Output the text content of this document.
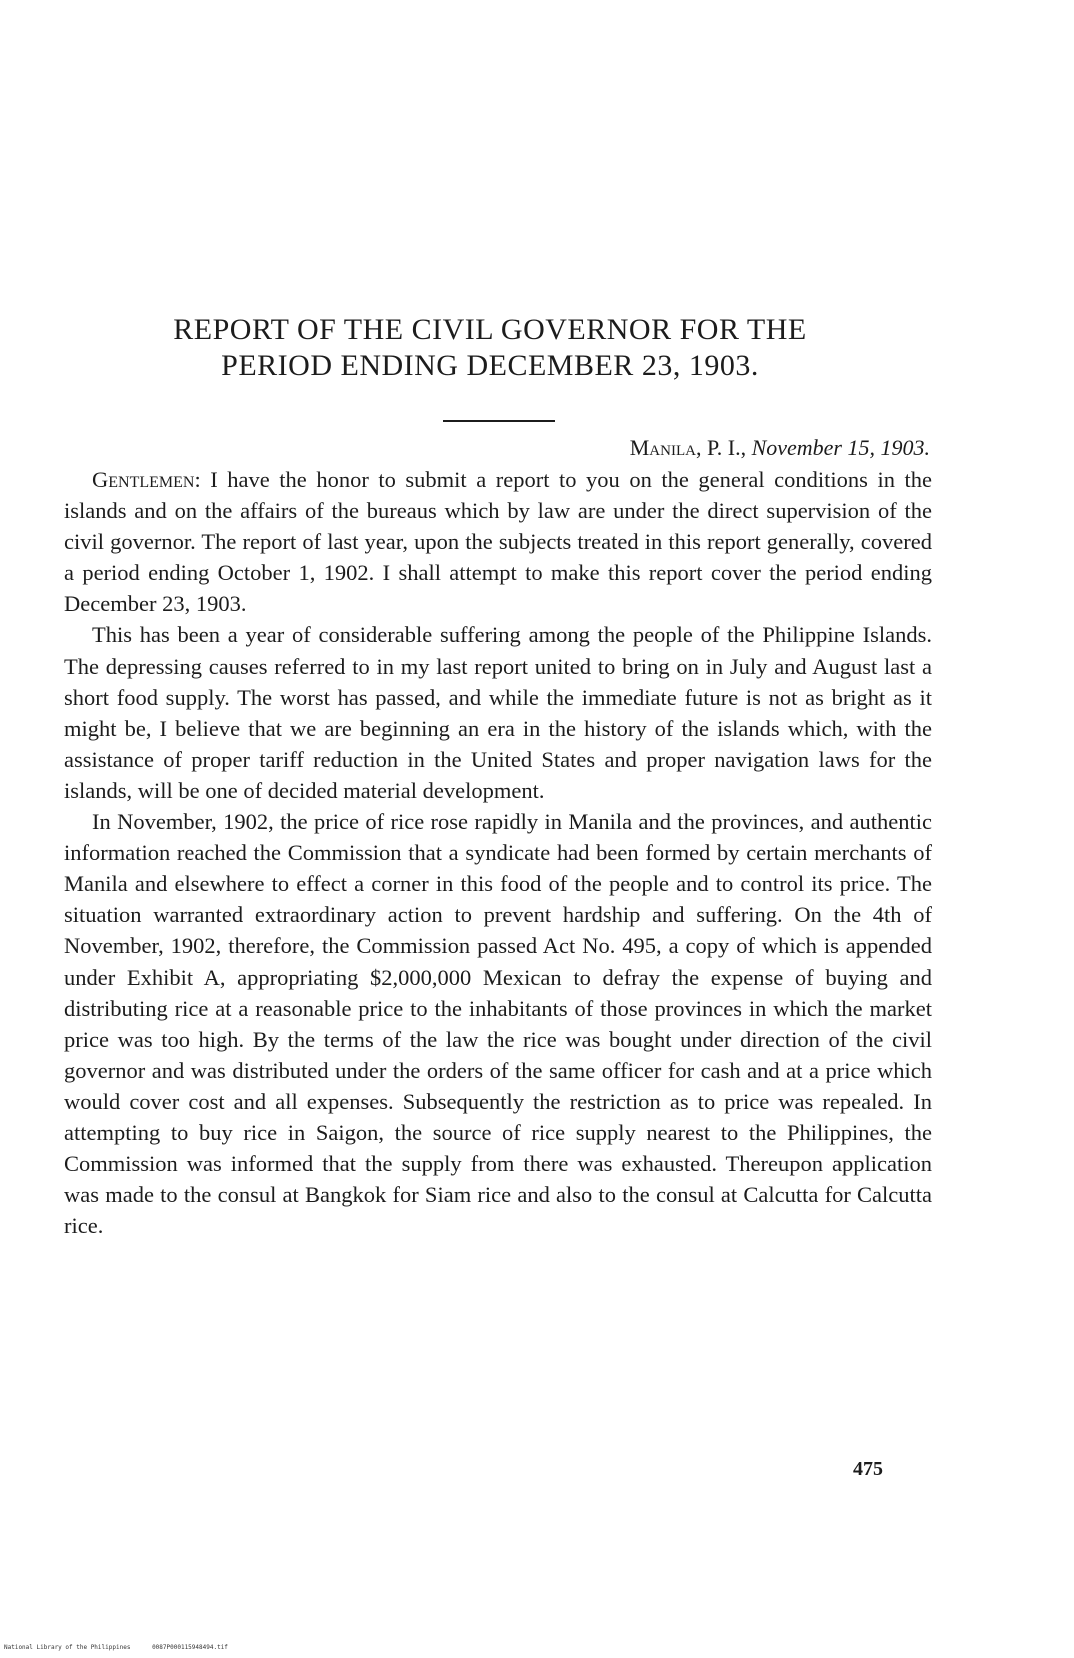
REPORT OF THE CIVIL GOVERNOR FOR THE
PERIOD ENDING DECEMBER 23, 1903.
Manila, P. I., November 15, 1903.

Gentlemen: I have the honor to submit a report to you on the general conditions in the islands and on the affairs of the bureaus which by law are under the direct supervision of the civil governor. The report of last year, upon the subjects treated in this report generally, covered a period ending October 1, 1902. I shall attempt to make this report cover the period ending December 23, 1903.

This has been a year of considerable suffering among the people of the Philippine Islands. The depressing causes referred to in my last report united to bring on in July and August last a short food supply. The worst has passed, and while the immediate future is not as bright as it might be, I believe that we are beginning an era in the history of the islands which, with the assistance of proper tariff reduction in the United States and proper navigation laws for the islands, will be one of decided material development.

In November, 1902, the price of rice rose rapidly in Manila and the provinces, and authentic information reached the Commission that a syndicate had been formed by certain merchants of Manila and elsewhere to effect a corner in this food of the people and to control its price. The situation warranted extraordinary action to prevent hardship and suffering. On the 4th of November, 1902, therefore, the Commission passed Act No. 495, a copy of which is appended under Exhibit A, appropriating $2,000,000 Mexican to defray the expense of buying and distributing rice at a reasonable price to the inhabitants of those provinces in which the market price was too high. By the terms of the law the rice was bought under direction of the civil governor and was distributed under the orders of the same officer for cash and at a price which would cover cost and all expenses. Subsequently the restriction as to price was repealed. In attempting to buy rice in Saigon, the source of rice supply nearest to the Philippines, the Commission was informed that the supply from there was exhausted. Thereupon application was made to the consul at Bangkok for Siam rice and also to the consul at Calcutta for Calcutta rice.

475
National Library of the Philippines	0087P000115948494.tif
